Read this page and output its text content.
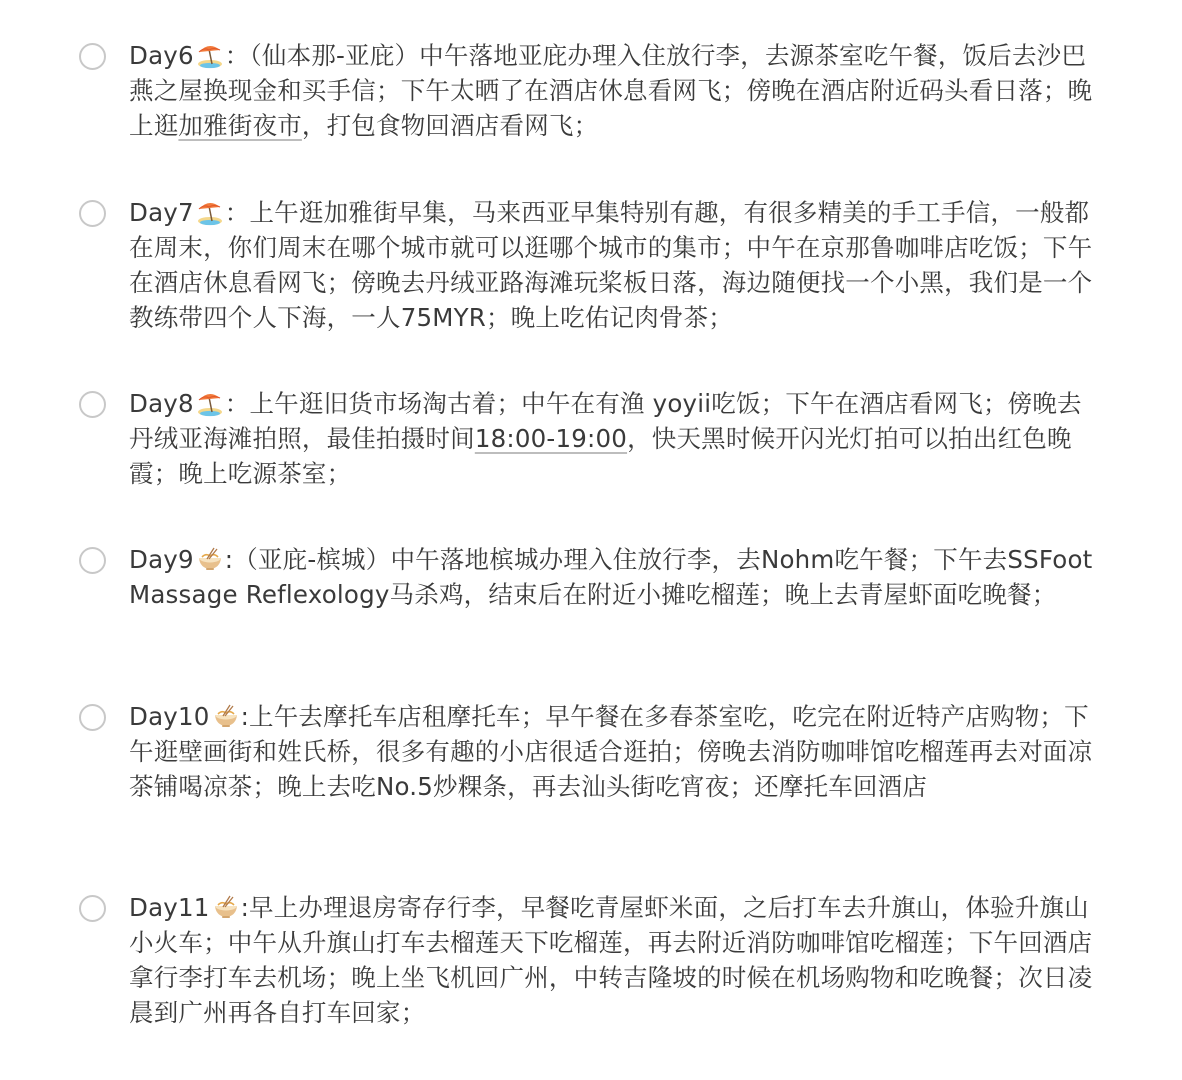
Day6 ：（仙本那-亚庇）中午落地亚庇办理入住放行李，去源茶室吃午餐，饭后去沙巴燕之屋换现金和买手信；下午太晒了在酒店休息看网飞；傍晚在酒店附近码头看日落；晚上逛加雅街夜市，打包食物回酒店看网飞；
Day7 ：上午逛加雅街早集，马来西亚早集特别有趣，有很多精美的手工手信，一般都在周末，你们周末在哪个城市就可以逛哪个城市的集市；中午在京那鲁咖啡店吃饭；下午在酒店休息看网飞；傍晚去丹绒亚路海滩玩桨板日落，海边随便找一个小黑，我们是一个教练带四个人下海，一人75MYR；晚上吃佑记肉骨茶；
Day8 ：上午逛旧货市场淘古着；中午在有渔 yoyii吃饭；下午在酒店看网飞；傍晚去丹绒亚海滩拍照，最佳拍摄时间18:00-19:00，快天黑时候开闪光灯拍可以拍出红色晚霞；晚上吃源茶室；
Day9 :（亚庇-槟城）中午落地槟城办理入住放行李，去Nohm吃午餐；下午去SSFoot Massage Reflexology马杀鸡，结束后在附近小摊吃榴莲；晚上去青屋虾面吃晚餐；
Day10 :上午去摩托车店租摩托车；早午餐在多春茶室吃，吃完在附近特产店购物；下午逛壁画街和姓氏桥，很多有趣的小店很适合逛拍；傍晚去消防咖啡馆吃榴莲再去对面凉茶铺喝凉茶；晚上去吃No.5炒粿条，再去汕头街吃宵夜；还摩托车回酒店
Day11 :早上办理退房寄存行李，早餐吃青屋虾米面，之后打车去升旗山，体验升旗山小火车；中午从升旗山打车去榴莲天下吃榴莲，再去附近消防咖啡馆吃榴莲；下午回酒店拿行李打车去机场；晚上坐飞机回广州，中转吉隆坡的时候在机场购物和吃晚餐；次日凌晨到广州再各自打车回家；
